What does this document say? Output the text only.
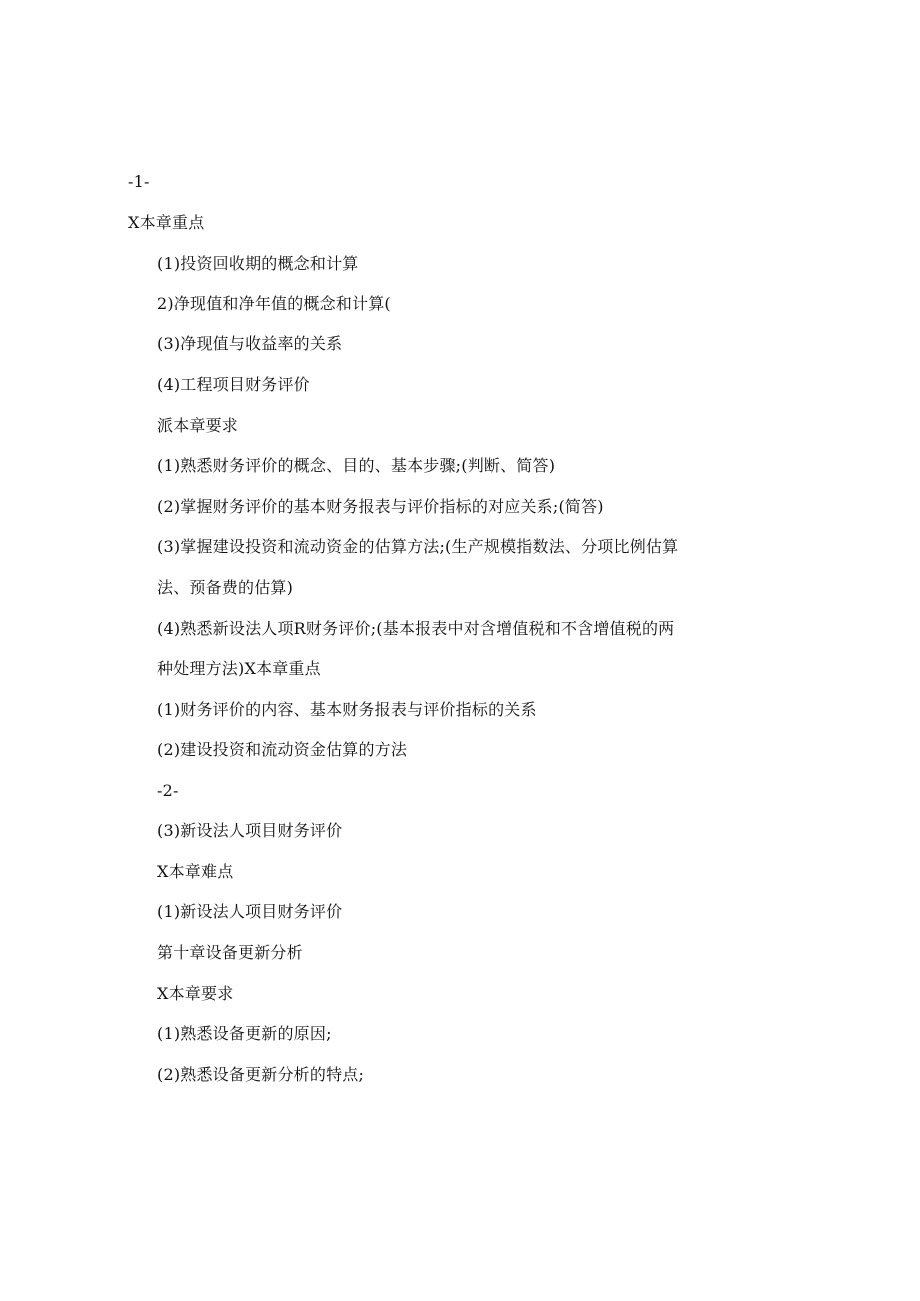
-1-
X本章重点
(1)投资回收期的概念和计算
2)净现值和净年值的概念和计算(
(3)净现值与收益率的关系
(4)工程项目财务评价
派本章要求
(1)熟悉财务评价的概念、目的、基本步骤;(判断、简答)
(2)掌握财务评价的基本财务报表与评价指标的对应关系;(简答)
(3)掌握建设投资和流动资金的估算方法;(生产规模指数法、分项比例估算
法、预备费的估算)
(4)熟悉新设法人项R财务评价;(基本报表中对含增值税和不含增值税的两
种处理方法)X本章重点
(1)财务评价的内容、基本财务报表与评价指标的关系
(2)建设投资和流动资金估算的方法
-2-
(3)新设法人项目财务评价
X本章难点
(1)新设法人项目财务评价
第十章设备更新分析
X本章要求
(1)熟悉设备更新的原因;
(2)熟悉设备更新分析的特点;
